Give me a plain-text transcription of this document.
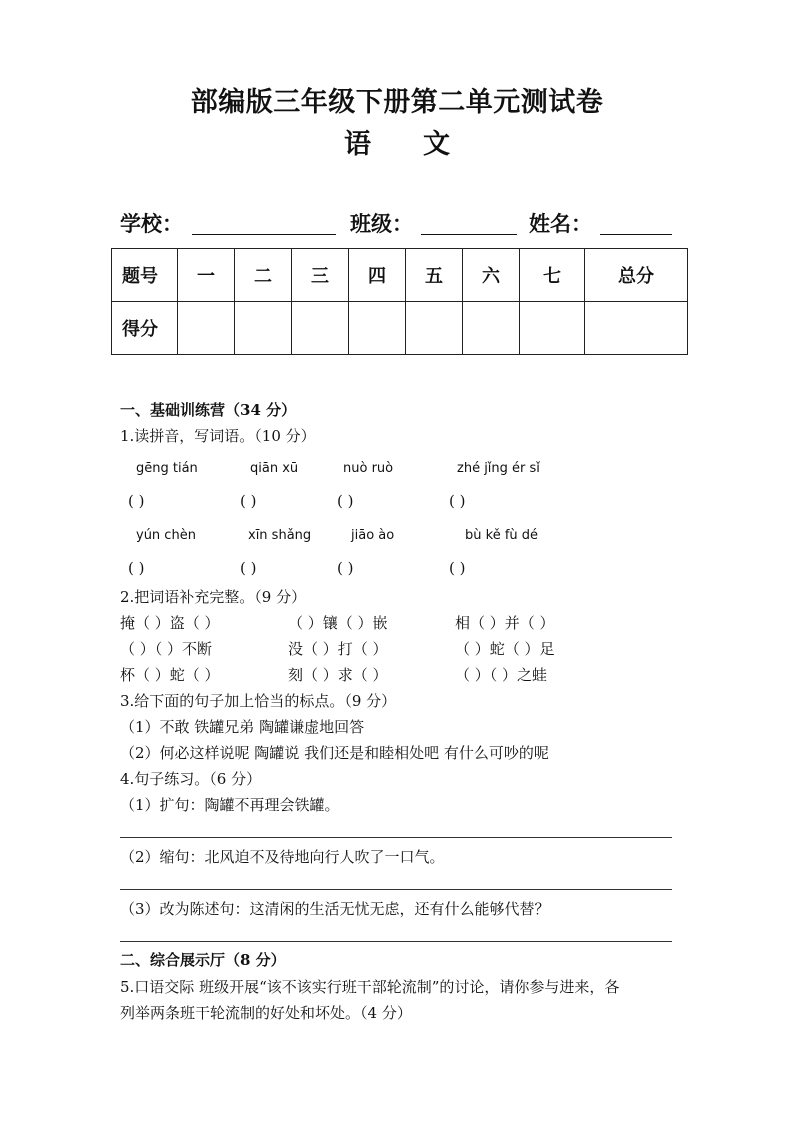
部编版三年级下册第二单元测试卷
语 文
学校：	班级：	姓名：
题号	一	二	三	四	五	六	七	总分
得分								
一、基础训练营（34 分）
1.读拼音，写词语。（10 分）
gēng tián	qiān xū	nuò ruò	zhé jǐng ér sǐ
( )	( )	( )	( )
yún chèn	xīn shǎng	jiāo ào	bù kě fù dé
( )	( )	( )	( )
2.把词语补充完整。（9 分）
掩（ ）盗（ ）	（ ）镶（ ）嵌	相（ ）并（ ）
（ ）（ ）不断	没（ ）打（ ）	（ ）蛇（ ）足
杯（ ）蛇（ ）	刻（ ）求（ ）	（ ）（ ）之蛙
3.给下面的句子加上恰当的标点。（9 分）
（1）不敢 铁罐兄弟 陶罐谦虚地回答
（2）何必这样说呢 陶罐说 我们还是和睦相处吧 有什么可吵的呢
4.句子练习。（6 分）
（1）扩句：陶罐不再理会铁罐。
（2）缩句：北风迫不及待地向行人吹了一口气。
（3）改为陈述句：这清闲的生活无忧无虑，还有什么能够代替？
二、综合展示厅（8 分）
5.口语交际 班级开展“该不该实行班干部轮流制”的讨论，请你参与进来，各
列举两条班干轮流制的好处和坏处。（4 分）
